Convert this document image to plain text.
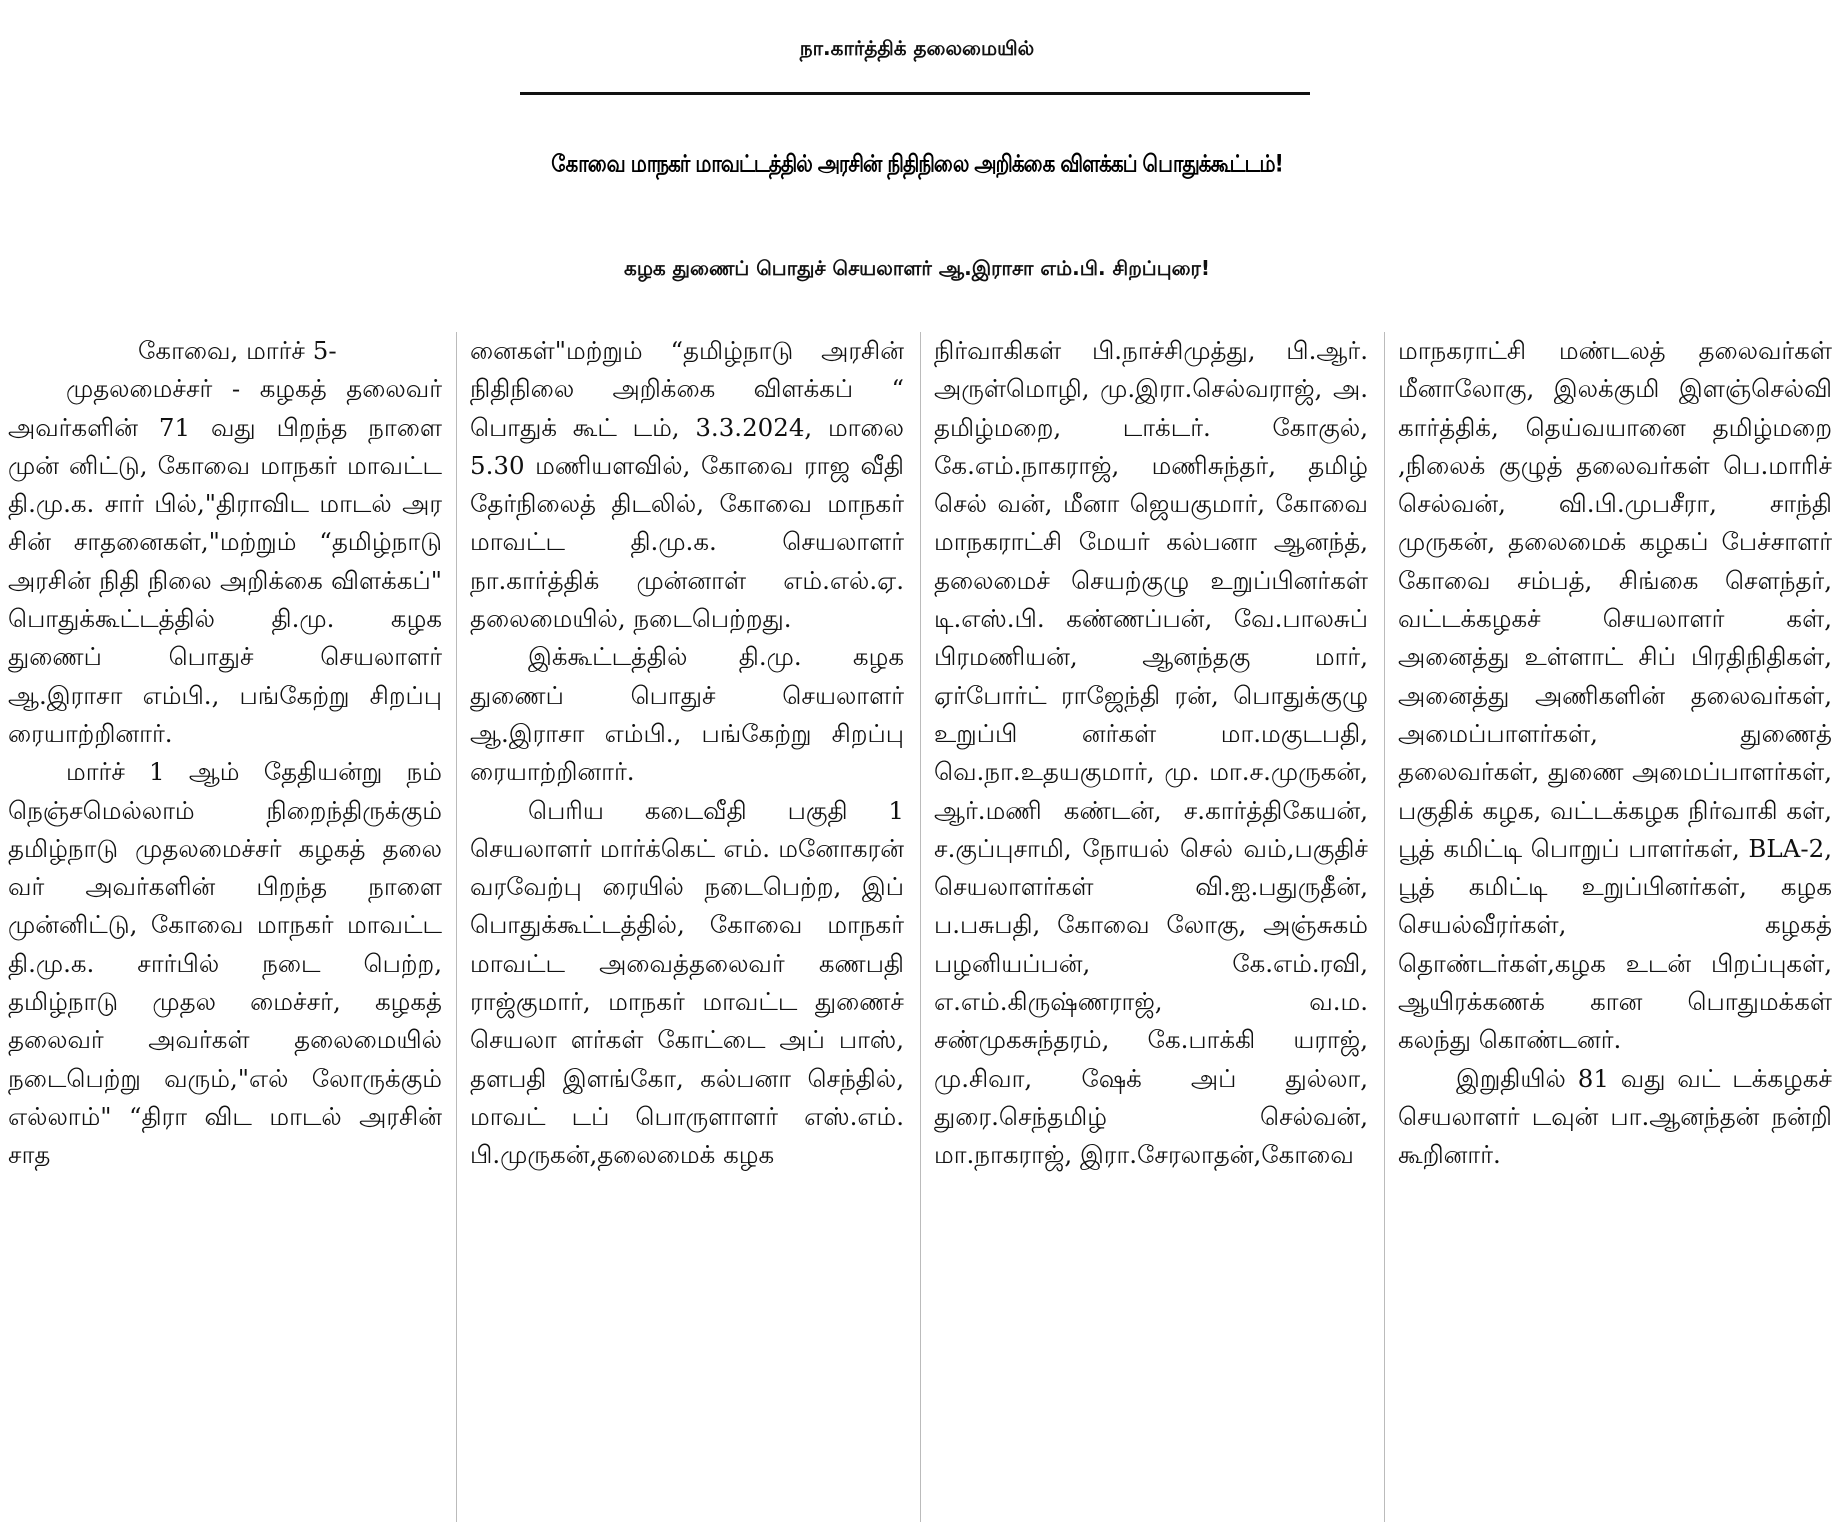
நா.கார்த்திக் தலைமையில்
கோவை மாநகர் மாவட்டத்தில் அரசின் நிதிநிலை அறிக்கை விளக்கப் பொதுக்கூட்டம்!
கழக துணைப் பொதுச் செயலாளர் ஆ.இராசா எம்.பி. சிறப்புரை!

கோவை, மார்ச் 5-

முதலமைச்சர் - கழகத் தலைவர் அவர்களின் 71 வது பிறந்த நாளை முன் னிட்டு, கோவை மாநகர் மாவட்ட தி.மு.க. சார் பில்,"திராவிட மாடல் அர சின் சாதனைகள்,"மற்றும் “தமிழ்நாடு அரசின் நிதி நிலை அறிக்கை விளக்கப்" பொதுக்கூட்டத்தில் தி.மு. கழக துணைப் பொதுச் செயலாளர் ஆ.இராசா எம்பி., பங்கேற்று சிறப்பு ரையாற்றினார்.

மார்ச் 1 ஆம் தேதியன்று நம் நெஞ்சமெல்லாம் நிறைந்திருக்கும் தமிழ்நாடு முதலமைச்சர் கழகத் தலை வர் அவர்களின் பிறந்த நாளை முன்னிட்டு, கோவை மாநகர் மாவட்ட தி.மு.க. சார்பில் நடை பெற்ற, தமிழ்நாடு முதல மைச்சர், கழகத் தலைவர் அவர்கள் தலைமையில் நடைபெற்று வரும்,"எல் லோருக்கும் எல்லாம்" “திரா விட மாடல் அரசின் சாத

னைகள்"மற்றும் “தமிழ்நாடு அரசின் நிதிநிலை அறிக்கை விளக்கப் “ பொதுக் கூட் டம், 3.3.2024, மாலை 5.30 மணியளவில், கோவை ராஜ வீதி தேர்நிலைத் திடலில், கோவை மாநகர் மாவட்ட தி.மு.க. செயலாளர் நா.கார்த்திக் முன்னாள் எம்.எல்.ஏ. தலைமையில், நடைபெற்றது.

இக்கூட்டத்தில் தி.மு. கழக துணைப் பொதுச் செயலாளர் ஆ.இராசா எம்பி., பங்கேற்று சிறப்பு ரையாற்றினார்.

பெரிய கடைவீதி பகுதி 1 செயலாளர் மார்க்கெட் எம். மனோகரன் வரவேற்பு ரையில் நடைபெற்ற, இப் பொதுக்கூட்டத்தில், கோவை மாநகர் மாவட்ட அவைத்தலைவர் கணபதி ராஜ்குமார், மாநகர் மாவட்ட துணைச் செயலா ளர்கள் கோட்டை அப் பாஸ், தளபதி இளங்கோ, கல்பனா செந்தில், மாவட் டப் பொருளாளர் எஸ்.எம். பி.முருகன்,தலைமைக் கழக

நிர்வாகிகள் பி.நாச்சிமுத்து, பி.ஆர். அருள்மொழி, மு.இரா.செல்வராஜ், அ. தமிழ்மறை, டாக்டர். கோகுல், கே.எம்.நாகராஜ், மணிசுந்தர், தமிழ் செல் வன், மீனா ஜெயகுமார், கோவை மாநகராட்சி மேயர் கல்பனா ஆனந்த், தலைமைச் செயற்குழு உறுப்பினர்கள் டி.எஸ்.பி. கண்ணப்பன், வே.பாலசுப் பிரமணியன், ஆனந்தகு மார், ஏர்போர்ட் ராஜேந்தி ரன், பொதுக்குழு உறுப்பி னர்கள் மா.மகுடபதி, வெ.நா.உதயகுமார், மு. மா.ச.முருகன், ஆர்.மணி கண்டன், ச.கார்த்திகேயன், ச.குப்புசாமி, நோயல் செல் வம்,பகுதிச் செயலாளர்கள் வி.ஐ.பதுருதீன், ப.பசுபதி, கோவை லோகு, அஞ்சுகம் பழனியப்பன், கே.எம்.ரவி, எ.எம்.கிருஷ்ணராஜ், வ.ம. சண்முகசுந்தரம், கே.பாக்கி யராஜ், மு.சிவா, ஷேக் அப் துல்லா, துரை.செந்தமிழ் செல்வன், மா.நாகராஜ், இரா.சேரலாதன்,கோவை

மாநகராட்சி மண்டலத் தலைவர்கள் மீனாலோகு, இலக்குமி இளஞ்செல்வி கார்த்திக், தெய்வயானை தமிழ்மறை ,நிலைக் குழுத் தலைவர்கள் பெ.மாரிச் செல்வன், வி.பி.முபசீரா, சாந்தி முருகன், தலைமைக் கழகப் பேச்சாளர் கோவை சம்பத், சிங்கை சௌந்தர், வட்டக்கழகச் செயலாளர் கள், அனைத்து உள்ளாட் சிப் பிரதிநிதிகள், அனைத்து அணிகளின் தலைவர்கள், அமைப்பாளர்கள், துணைத் தலைவர்கள், துணை அமைப்பாளர்கள், பகுதிக் கழக, வட்டக்கழக நிர்வாகி கள், பூத் கமிட்டி பொறுப் பாளர்கள், BLA-2, பூத் கமிட்டி உறுப்பினர்கள், கழக செயல்வீரர்கள், கழகத் தொண்டர்கள்,கழக உடன் பிறப்புகள், ஆயிரக்கணக் கான பொதுமக்கள் கலந்து கொண்டனர்.

இறுதியில் 81 வது வட் டக்கழகச் செயலாளர் டவுன் பா.ஆனந்தன் நன்றி கூறினார்.
